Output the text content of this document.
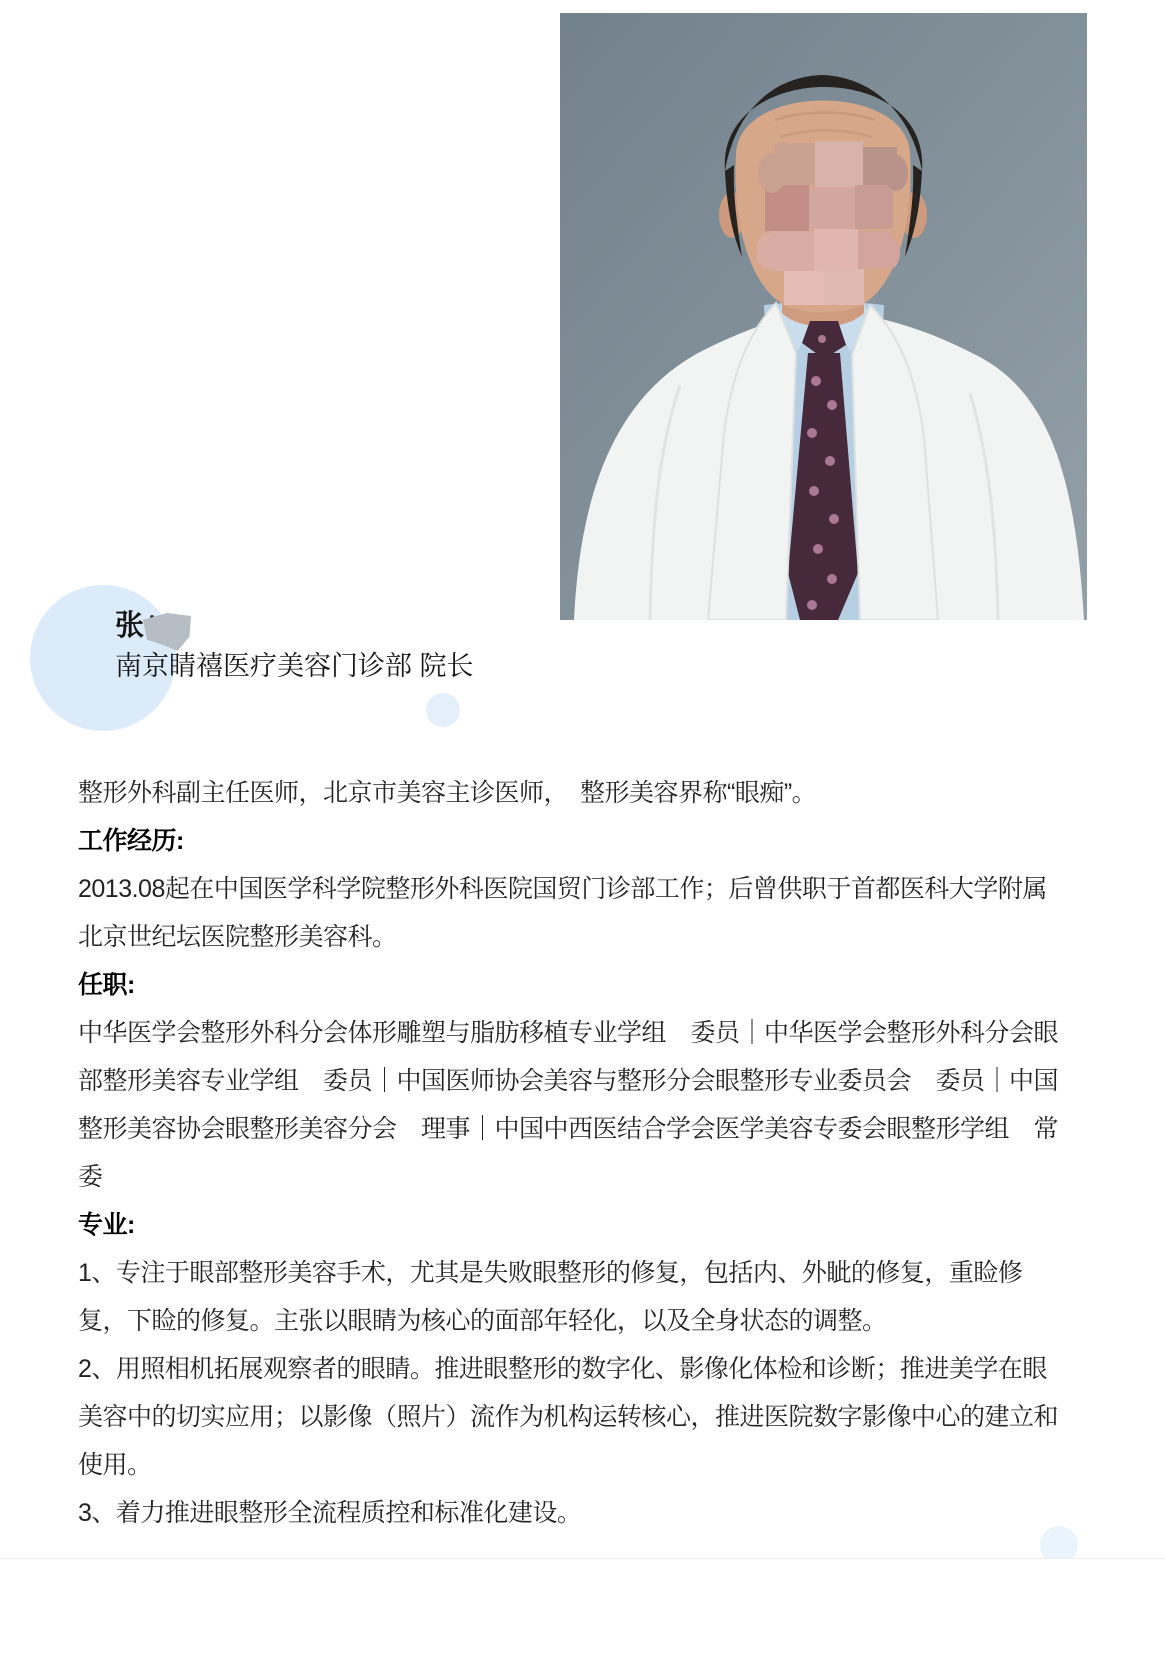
张
南京睛禧医疗美容门诊部 院长
整形外科副主任医师，北京市美容主诊医师，　整形美容界称“眼痴”。
工作经历:
2013.08起在中国医学科学院整形外科医院国贸门诊部工作；后曾供职于首都医科大学附属
北京世纪坛医院整形美容科。
任职:
中华医学会整形外科分会体形雕塑与脂肪移植专业学组　委员｜中华医学会整形外科分会眼
部整形美容专业学组　委员｜中国医师协会美容与整形分会眼整形专业委员会　委员｜中国
整形美容协会眼整形美容分会　理事｜中国中西医结合学会医学美容专委会眼整形学组　常
委
专业:
1、专注于眼部整形美容手术，尤其是失败眼整形的修复，包括内、外眦的修复，重睑修
复，下睑的修复。主张以眼睛为核心的面部年轻化，以及全身状态的调整。
2、用照相机拓展观察者的眼睛。推进眼整形的数字化、影像化体检和诊断；推进美学在眼
美容中的切实应用；以影像（照片）流作为机构运转核心，推进医院数字影像中心的建立和
使用。
3、着力推进眼整形全流程质控和标准化建设。
